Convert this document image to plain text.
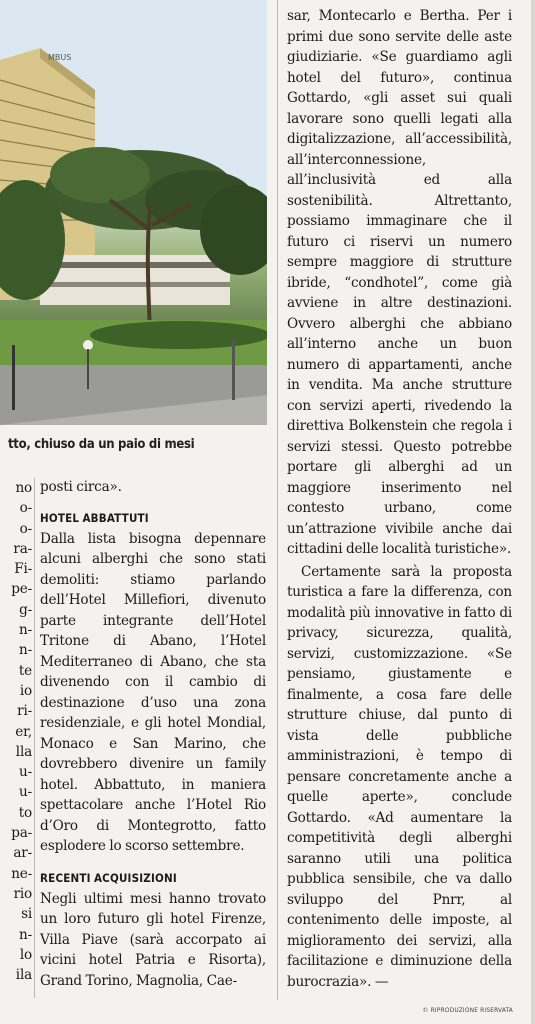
MBUS
tto, chiuso da un paio di mesi
no
o-
o-
ra-
Fi-
pe-
g-
n-
n-
te
io
ri-
er,
lla
u-
u-
to
pa-
ar-
ne-
rio
si
n-
lo
ila

posti circa».

HOTEL ABBATTUTI

Dalla lista bisogna depennare alcuni alberghi che sono stati demoliti: stiamo parlando dell’Hotel Millefiori, divenuto parte integrante dell’Hotel Tritone di Abano, l’Hotel Mediterraneo di Abano, che sta divenendo con il cambio di destinazione d’uso una zona residenziale, e gli hotel Mondial, Monaco e San Marino, che dovrebbero divenire un family hotel. Abbattuto, in maniera spettacolare anche l’Hotel Rio d’Oro di Montegrotto, fatto esplodere lo scorso settembre.

RECENTI ACQUISIZIONI

Negli ultimi mesi hanno trovato un loro futuro gli hotel Firenze, Villa Piave (sarà accorpato ai vicini hotel Patria e Risorta), Grand Torino, Magnolia, Cae-

sar, Montecarlo e Bertha. Per i primi due sono servite delle aste giudiziarie. «Se guardiamo agli hotel del futuro», continua Gottardo, «gli asset sui quali lavorare sono quelli legati alla digitalizzazione, all’accessibilità, all’interconnessione, all’inclusività ed alla sostenibilità. Altrettanto, possiamo immaginare che il futuro ci riservi un numero sempre maggiore di strutture ibride, “condhotel”, come già avviene in altre destinazioni. Ovvero alberghi che abbiano all’interno anche un buon numero di appartamenti, anche in vendita. Ma anche strutture con servizi aperti, rivedendo la direttiva Bolkenstein che regola i servizi stessi. Questo potrebbe portare gli alberghi ad un maggiore inserimento nel contesto urbano, come un’attrazione vivibile anche dai cittadini delle località turistiche».

Certamente sarà la proposta turistica a fare la differenza, con modalità più innovative in fatto di privacy, sicurezza, qualità, servizi, customizzazione. «Se pensiamo, giustamente e finalmente, a cosa fare delle strutture chiuse, dal punto di vista delle pubbliche amministrazioni, è tempo di pensare concretamente anche a quelle aperte», conclude Gottardo. «Ad aumentare la competitività degli alberghi saranno utili una politica pubblica sensibile, che va dallo sviluppo del Pnrr, al contenimento delle imposte, al miglioramento dei servizi, alla facilitazione e diminuzione della burocrazia». —

© RIPRODUZIONE RISERVATA
